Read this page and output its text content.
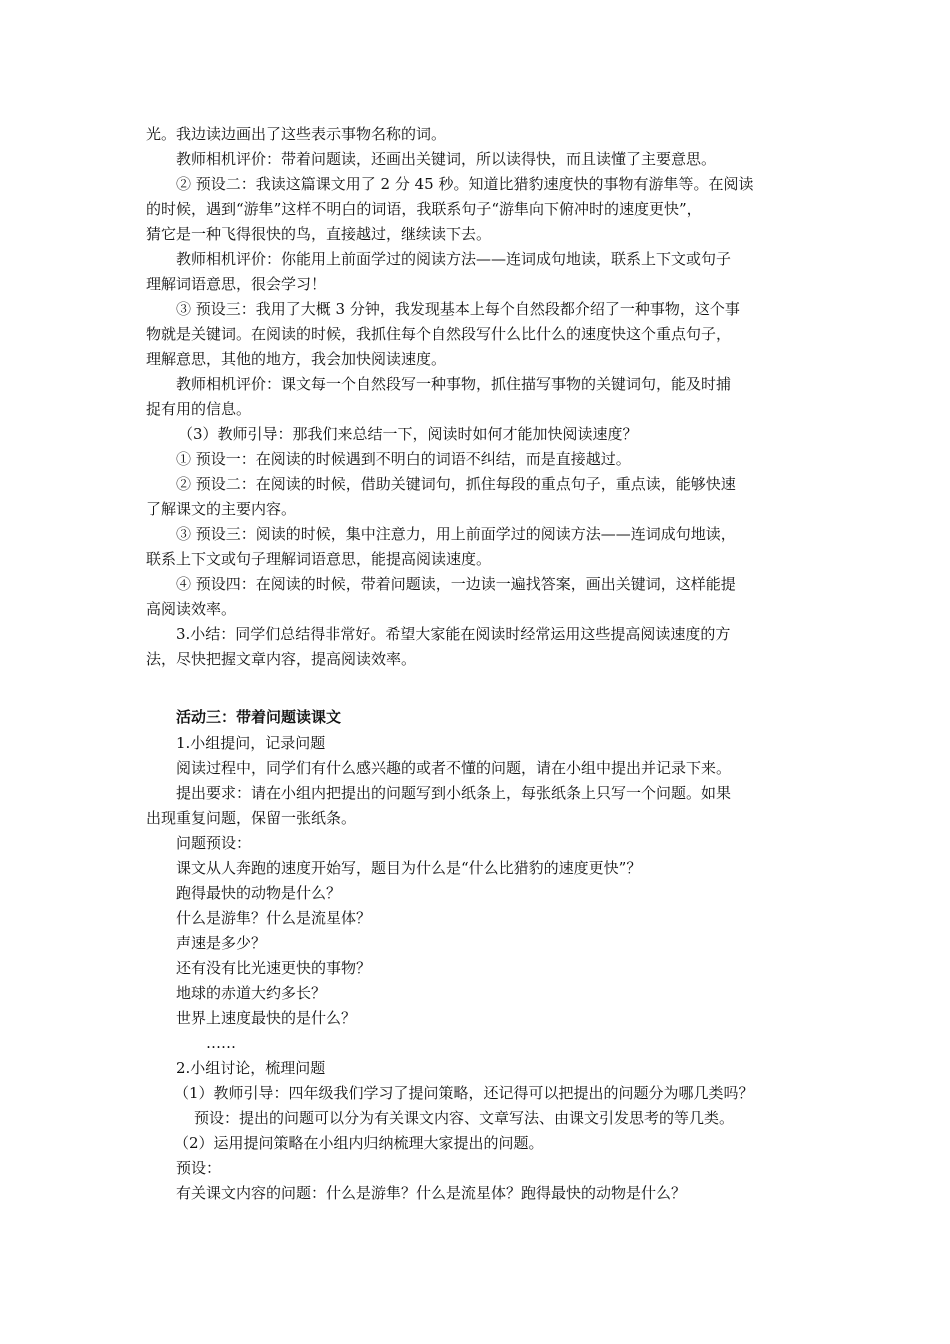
光。我边读边画出了这些表示事物名称的词。
教师相机评价：带着问题读，还画出关键词，所以读得快，而且读懂了主要意思。
② 预设二：我读这篇课文用了 2 分 45 秒。知道比猎豹速度快的事物有游隼等。在阅读
的时候，遇到“游隼”这样不明白的词语，我联系句子“游隼向下俯冲时的速度更快”，
猜它是一种飞得很快的鸟，直接越过，继续读下去。
教师相机评价：你能用上前面学过的阅读方法——连词成句地读，联系上下文或句子
理解词语意思，很会学习！
③ 预设三：我用了大概 3 分钟，我发现基本上每个自然段都介绍了一种事物，这个事
物就是关键词。在阅读的时候，我抓住每个自然段写什么比什么的速度快这个重点句子，
理解意思，其他的地方，我会加快阅读速度。
教师相机评价：课文每一个自然段写一种事物，抓住描写事物的关键词句，能及时捕
捉有用的信息。
（3）教师引导：那我们来总结一下，阅读时如何才能加快阅读速度？
① 预设一：在阅读的时候遇到不明白的词语不纠结，而是直接越过。
② 预设二：在阅读的时候，借助关键词句，抓住每段的重点句子，重点读，能够快速
了解课文的主要内容。
③ 预设三：阅读的时候，集中注意力，用上前面学过的阅读方法——连词成句地读，
联系上下文或句子理解词语意思，能提高阅读速度。
④ 预设四：在阅读的时候，带着问题读，一边读一遍找答案，画出关键词，这样能提
高阅读效率。
3.小结：同学们总结得非常好。希望大家能在阅读时经常运用这些提高阅读速度的方
法，尽快把握文章内容，提高阅读效率。
活动三：带着问题读课文
1.小组提问，记录问题
阅读过程中，同学们有什么感兴趣的或者不懂的问题，请在小组中提出并记录下来。
提出要求：请在小组内把提出的问题写到小纸条上，每张纸条上只写一个问题。如果
出现重复问题，保留一张纸条。
问题预设：
课文从人奔跑的速度开始写，题目为什么是“什么比猎豹的速度更快”？
跑得最快的动物是什么？
什么是游隼？什么是流星体？
声速是多少？
还有没有比光速更快的事物？
地球的赤道大约多长？
世界上速度最快的是什么？
……
2.小组讨论，梳理问题
（1）教师引导：四年级我们学习了提问策略，还记得可以把提出的问题分为哪几类吗？
预设：提出的问题可以分为有关课文内容、文章写法、由课文引发思考的等几类。
（2）运用提问策略在小组内归纳梳理大家提出的问题。
预设：
有关课文内容的问题：什么是游隼？什么是流星体？跑得最快的动物是什么？
